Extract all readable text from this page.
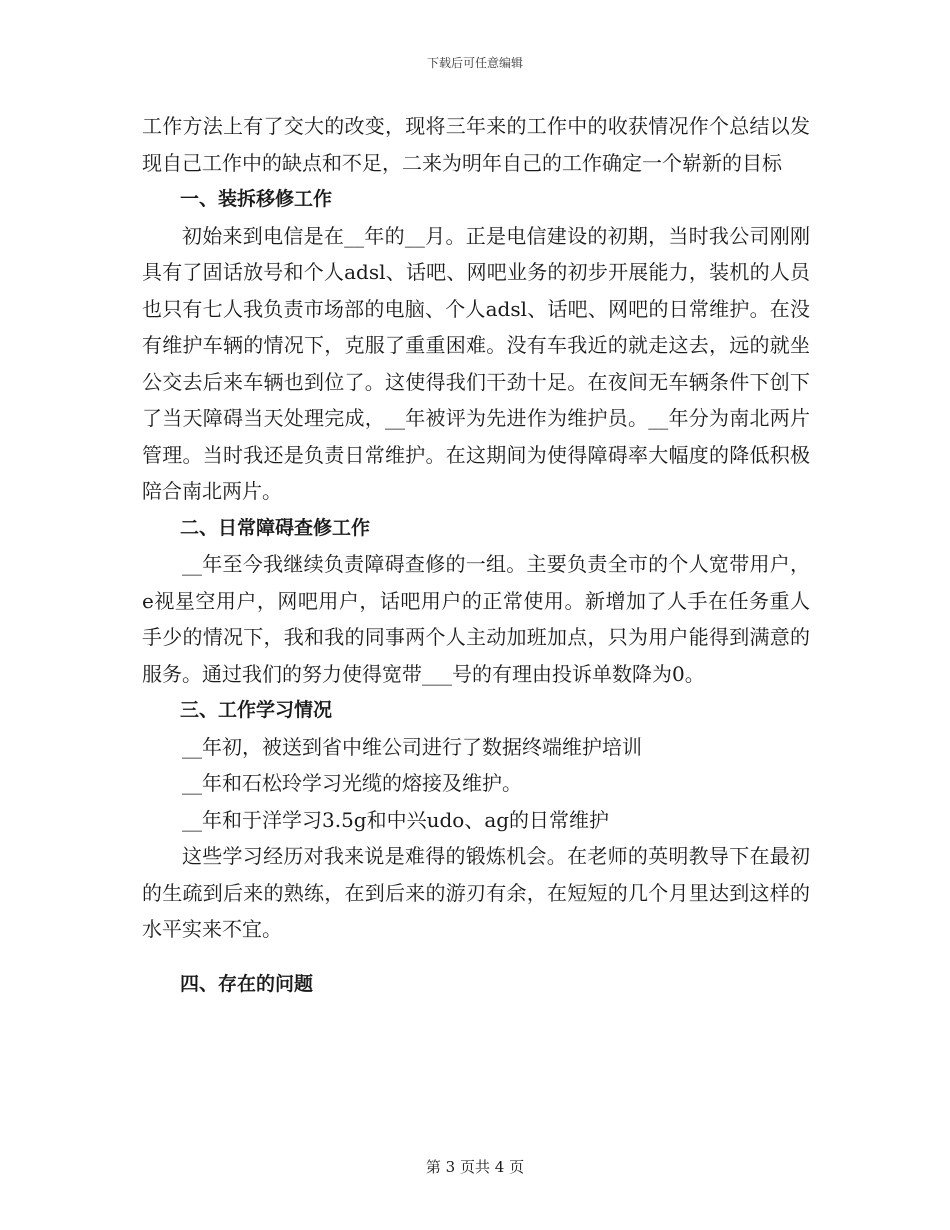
下载后可任意编辑

工作方法上有了交大的改变，现将三年来的工作中的收获情况作个总结以发现自己工作中的缺点和不足，二来为明年自己的工作确定一个崭新的目标

一、装拆移修工作

初始来到电信是在__年的__月。正是电信建设的初期，当时我公司刚刚具有了固话放号和个人adsl、话吧、网吧业务的初步开展能力，装机的人员也只有七人我负责市场部的电脑、个人adsl、话吧、网吧的日常维护。在没有维护车辆的情况下，克服了重重困难。没有车我近的就走这去，远的就坐公交去后来车辆也到位了。这使得我们干劲十足。在夜间无车辆条件下创下了当天障碍当天处理完成，__年被评为先进作为维护员。__年分为南北两片管理。当时我还是负责日常维护。在这期间为使得障碍率大幅度的降低积极陪合南北两片。

二、日常障碍查修工作

__年至今我继续负责障碍查修的一组。主要负责全市的个人宽带用户，e视星空用户，网吧用户，话吧用户的正常使用。新增加了人手在任务重人手少的情况下，我和我的同事两个人主动加班加点，只为用户能得到满意的服务。通过我们的努力使得宽带___号的有理由投诉单数降为0。

三、工作学习情况

__年初，被送到省中维公司进行了数据终端维护培训

__年和石松玲学习光缆的熔接及维护。

__年和于洋学习3.5g和中兴udo、ag的日常维护

这些学习经历对我来说是难得的锻炼机会。在老师的英明教导下在最初的生疏到后来的熟练，在到后来的游刃有余，在短短的几个月里达到这样的水平实来不宜。

四、存在的问题

第 3 页共 4 页
